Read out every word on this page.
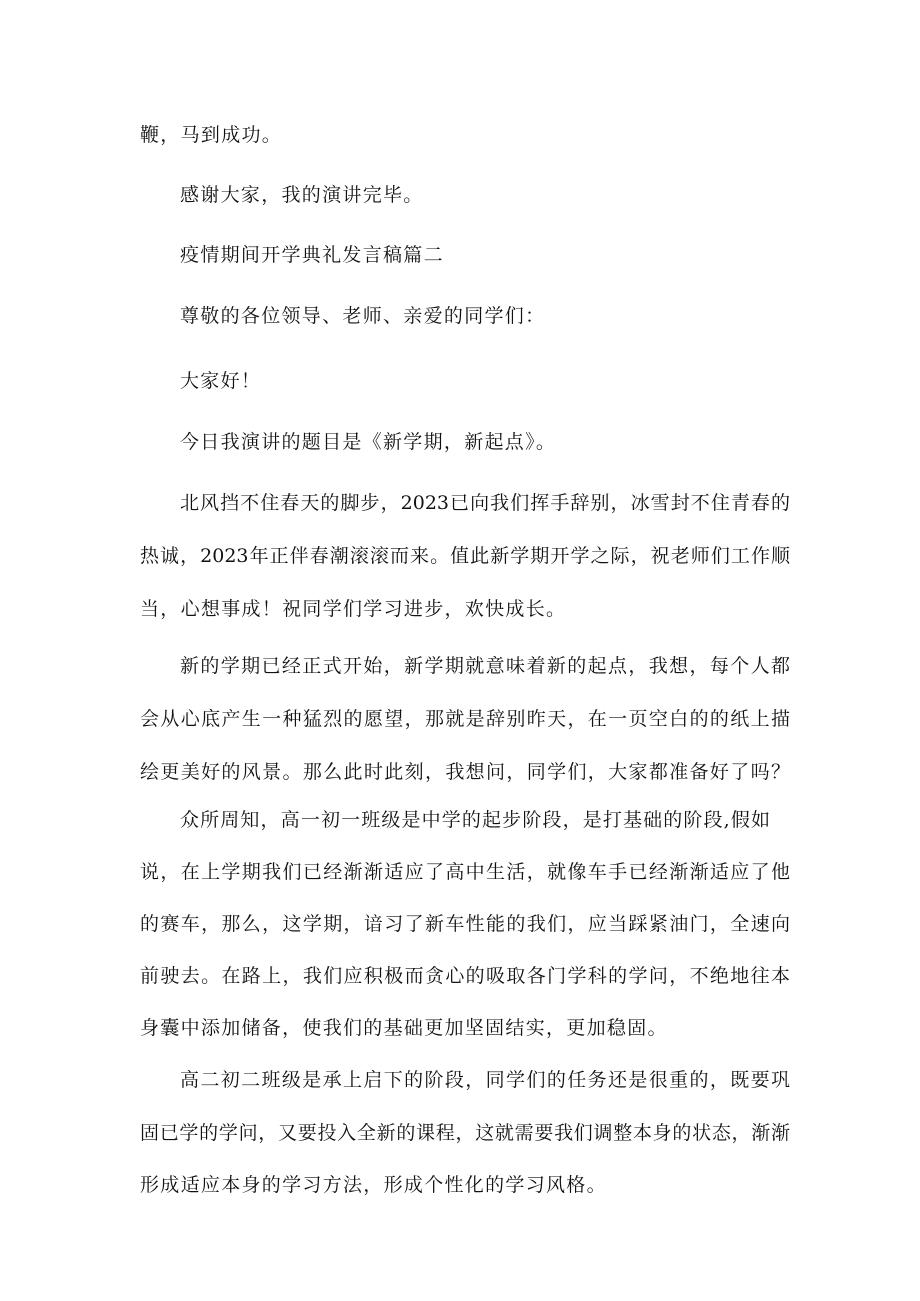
鞭，马到成功。

感谢大家，我的演讲完毕。

疫情期间开学典礼发言稿篇二

尊敬的各位领导、老师、亲爱的同学们：

大家好！

今日我演讲的题目是《新学期，新起点》。

北风挡不住春天的脚步，2023已向我们挥手辞别，冰雪封不住青春的

热诚，2023年正伴春潮滚滚而来。值此新学期开学之际，祝老师们工作顺

当，心想事成！祝同学们学习进步，欢快成长。

新的学期已经正式开始，新学期就意味着新的起点，我想，每个人都

会从心底产生一种猛烈的愿望，那就是辞别昨天，在一页空白的的纸上描

绘更美好的风景。那么此时此刻，我想问，同学们，大家都准备好了吗？

众所周知，高一初一班级是中学的起步阶段，是打基础的阶段,假如

说，在上学期我们已经渐渐适应了高中生活，就像车手已经渐渐适应了他

的赛车，那么，这学期，谙习了新车性能的我们，应当踩紧油门，全速向

前驶去。在路上，我们应积极而贪心的吸取各门学科的学问，不绝地往本

身囊中添加储备，使我们的基础更加坚固结实，更加稳固。

高二初二班级是承上启下的阶段，同学们的任务还是很重的，既要巩

固已学的学问，又要投入全新的课程，这就需要我们调整本身的状态，渐渐

形成适应本身的学习方法，形成个性化的学习风格。
